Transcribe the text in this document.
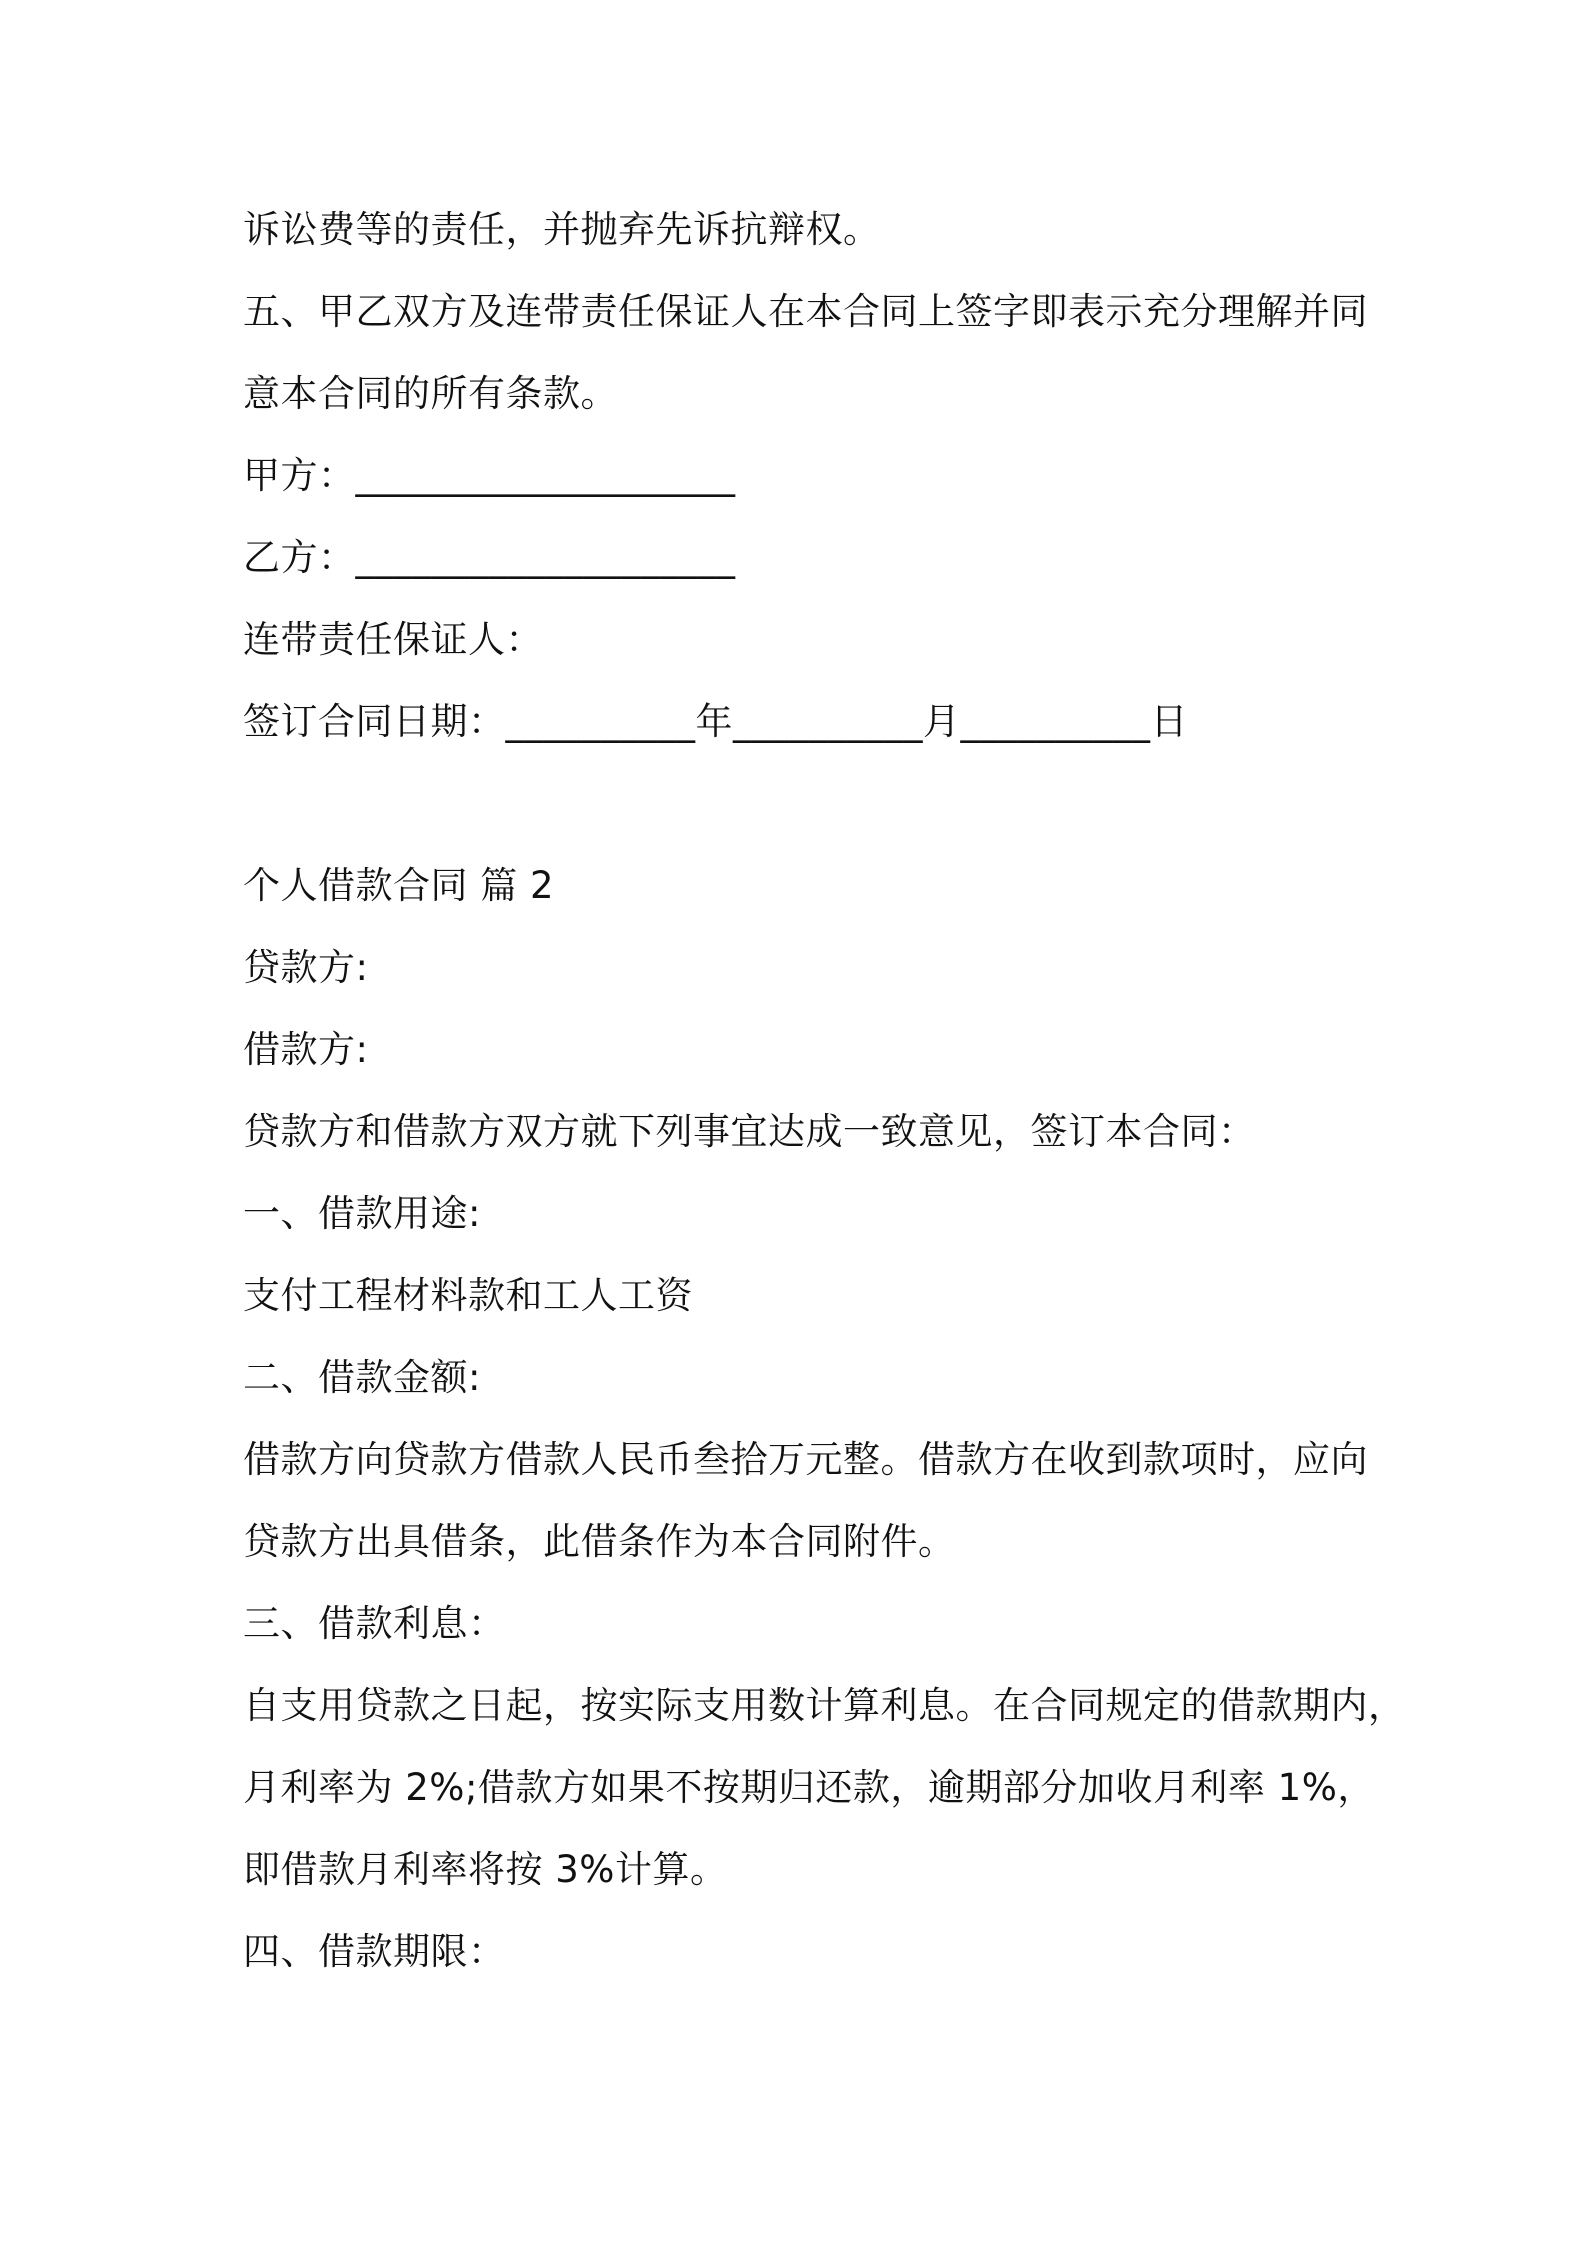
诉讼费等的责任，并抛弃先诉抗辩权。
五、甲乙双方及连带责任保证人在本合同上签字即表示充分理解并同
意本合同的所有条款。
甲方：____________________
乙方：____________________
连带责任保证人：
签订合同日期：__________年__________月__________日
个人借款合同 篇 2
贷款方:
借款方:
贷款方和借款方双方就下列事宜达成一致意见，签订本合同：
一、借款用途:
支付工程材料款和工人工资
二、借款金额:
借款方向贷款方借款人民币叁拾万元整。借款方在收到款项时，应向
贷款方出具借条，此借条作为本合同附件。
三、借款利息：
自支用贷款之日起，按实际支用数计算利息。在合同规定的借款期内，
月利率为 2%;借款方如果不按期归还款，逾期部分加收月利率 1%，
即借款月利率将按 3%计算。
四、借款期限：
